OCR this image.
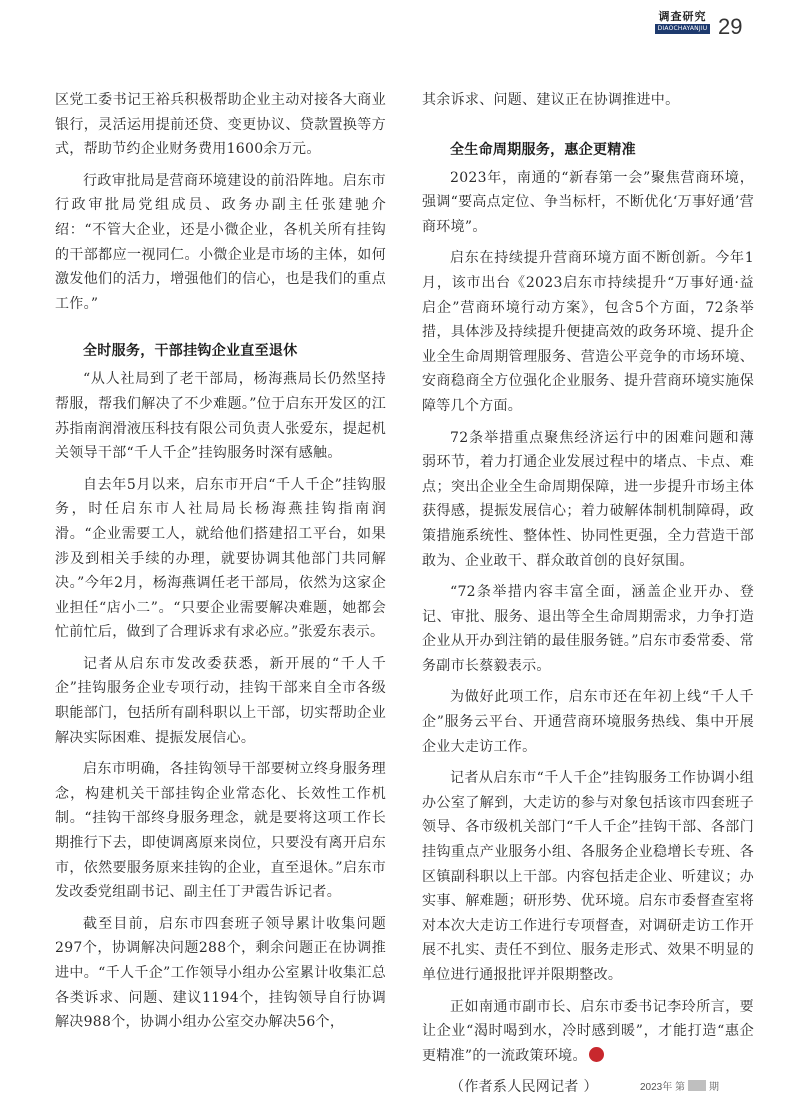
调查研究
DIAOCHAYANJIU 29

区党工委书记王裕兵积极帮助企业主动对接各大商业银行，灵活运用提前还贷、变更协议、贷款置换等方式，帮助节约企业财务费用1600余万元。

行政审批局是营商环境建设的前沿阵地。启东市行政审批局党组成员、政务办副主任张建驰介绍：“不管大企业，还是小微企业，各机关所有挂钩的干部都应一视同仁。小微企业是市场的主体，如何激发他们的活力，增强他们的信心，也是我们的重点工作。”

全时服务，干部挂钩企业直至退休

“从人社局到了老干部局，杨海燕局长仍然坚持帮服，帮我们解决了不少难题。”位于启东开发区的江苏指南润滑液压科技有限公司负责人张爱东，提起机关领导干部“千人千企”挂钩服务时深有感触。

自去年5月以来，启东市开启“千人千企”挂钩服务，时任启东市人社局局长杨海燕挂钩指南润滑。“企业需要工人，就给他们搭建招工平台，如果涉及到相关手续的办理，就要协调其他部门共同解决。”今年2月，杨海燕调任老干部局，依然为这家企业担任“店小二”。“只要企业需要解决难题，她都会忙前忙后，做到了合理诉求有求必应。”张爱东表示。

记者从启东市发改委获悉，新开展的“千人千企”挂钩服务企业专项行动，挂钩干部来自全市各级职能部门，包括所有副科职以上干部，切实帮助企业解决实际困难、提振发展信心。

启东市明确，各挂钩领导干部要树立终身服务理念，构建机关干部挂钩企业常态化、长效性工作机制。“挂钩干部终身服务理念，就是要将这项工作长期推行下去，即使调离原来岗位，只要没有离开启东市，依然要服务原来挂钩的企业，直至退休。”启东市发改委党组副书记、副主任丁尹霞告诉记者。

截至目前，启东市四套班子领导累计收集问题297个，协调解决问题288个，剩余问题正在协调推进中。“千人千企”工作领导小组办公室累计收集汇总各类诉求、问题、建议1194个，挂钩领导自行协调解决988个，协调小组办公室交办解决56个，

其余诉求、问题、建议正在协调推进中。

全生命周期服务，惠企更精准

2023年，南通的“新春第一会”聚焦营商环境，强调“要高点定位、争当标杆，不断优化‘万事好通’营商环境”。

启东在持续提升营商环境方面不断创新。今年1月，该市出台《2023启东市持续提升“万事好通·益启企”营商环境行动方案》，包含5个方面，72条举措，具体涉及持续提升便捷高效的政务环境、提升企业全生命周期管理服务、营造公平竞争的市场环境、安商稳商全方位强化企业服务、提升营商环境实施保障等几个方面。

72条举措重点聚焦经济运行中的困难问题和薄弱环节，着力打通企业发展过程中的堵点、卡点、难点；突出企业全生命周期保障，进一步提升市场主体获得感，提振发展信心；着力破解体制机制障碍，政策措施系统性、整体性、协同性更强，全力营造干部敢为、企业敢干、群众敢首创的良好氛围。

“72条举措内容丰富全面，涵盖企业开办、登记、审批、服务、退出等全生命周期需求，力争打造企业从开办到注销的最佳服务链。”启东市委常委、常务副市长蔡毅表示。

为做好此项工作，启东市还在年初上线“千人千企”服务云平台、开通营商环境服务热线、集中开展企业大走访工作。

记者从启东市“千人千企”挂钩服务工作协调小组办公室了解到，大走访的参与对象包括该市四套班子领导、各市级机关部门“千人千企”挂钩干部、各部门挂钩重点产业服务小组、各服务企业稳增长专班、各区镇副科职以上干部。内容包括走企业、听建议；办实事、解难题；研形势、优环境。启东市委督查室将对本次大走访工作进行专项督查，对调研走访工作开展不扎实、责任不到位、服务走形式、效果不明显的单位进行通报批评并限期整改。

正如南通市副市长、启东市委书记李玲所言，要让企业“渴时喝到水，冷时感到暖”，才能打造“惠企更精准”的一流政策环境。

（作者系人民网记者 ）	2023年 第 期
